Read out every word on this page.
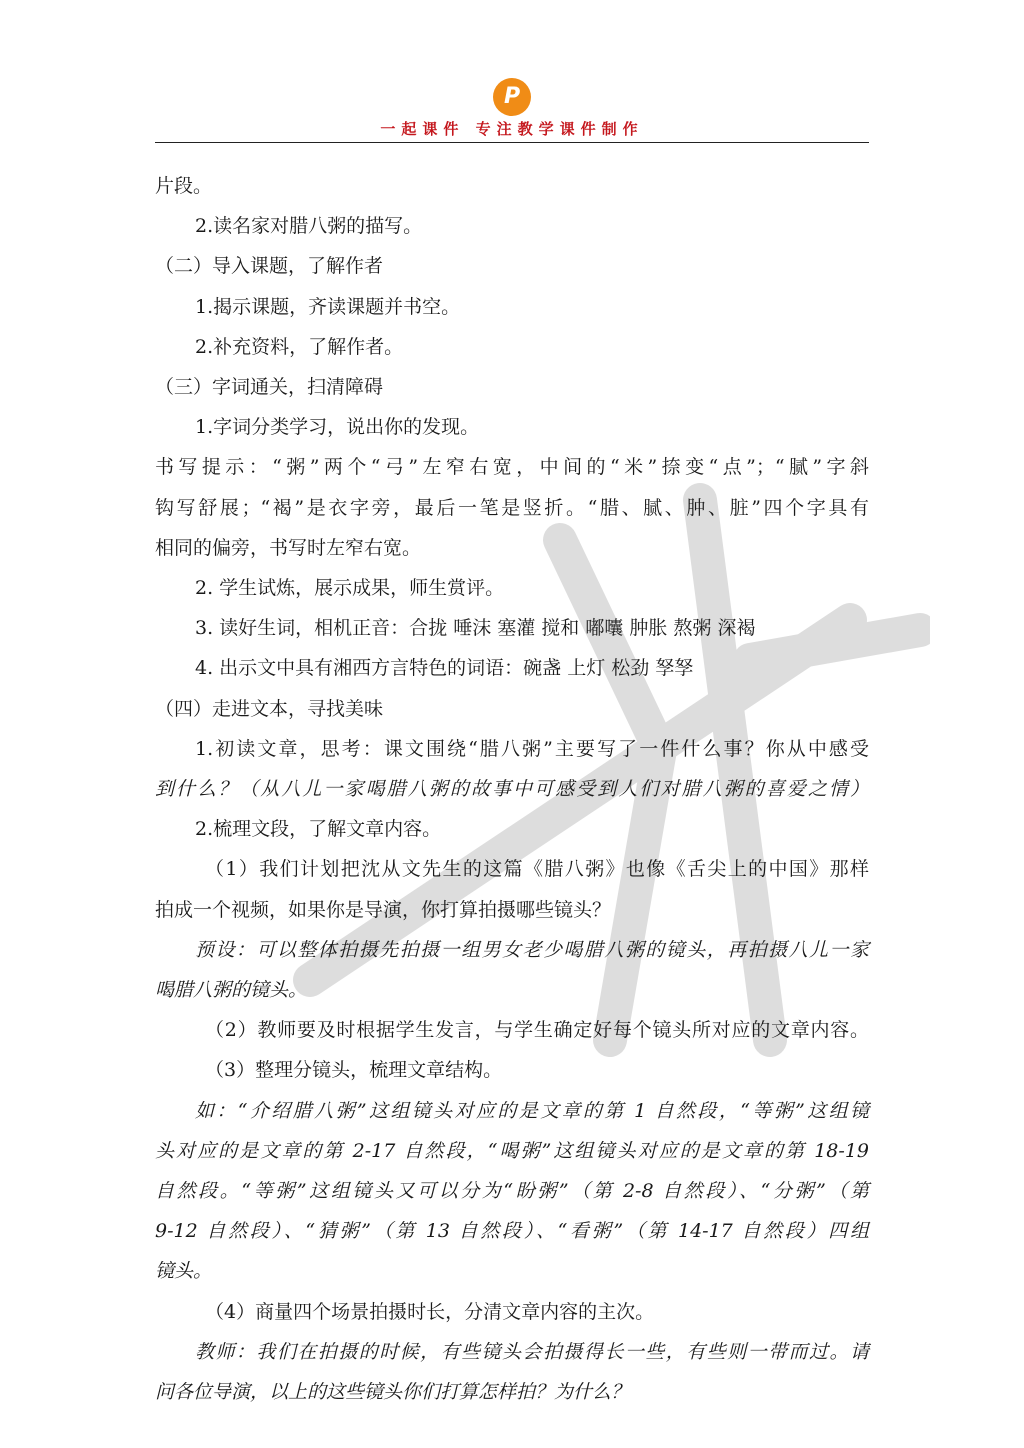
P
一起课件 专注教学课件制作
片段。
2.读名家对腊八粥的描写。
（二）导入课题，了解作者
1.揭示课题，齐读课题并书空。
2.补充资料，了解作者。
（三）字词通关，扫清障碍
1.字词分类学习，说出你的发现。
书写提示：“粥”两个“弓”左窄右宽，中间的“米”捺变“点”；“腻”字斜
钩写舒展；“褐”是衣字旁，最后一笔是竖折。“腊、腻、肿、脏”四个字具有
相同的偏旁，书写时左窄右宽。
2. 学生试炼，展示成果，师生赏评。
3. 读好生词，相机正音：合拢 唾沫 塞灌 搅和 嘟囔 肿胀 熬粥 深褐
4. 出示文中具有湘西方言特色的词语：碗盏 上灯 松劲 孥孥
（四）走进文本，寻找美味
1.初读文章，思考：课文围绕“腊八粥”主要写了一件什么事？你从中感受
到什么？（从八儿一家喝腊八粥的故事中可感受到人们对腊八粥的喜爱之情）
2.梳理文段，了解文章内容。
（1）我们计划把沈从文先生的这篇《腊八粥》也像《舌尖上的中国》那样
拍成一个视频，如果你是导演，你打算拍摄哪些镜头？
预设：可以整体拍摄先拍摄一组男女老少喝腊八粥的镜头，再拍摄八儿一家
喝腊八粥的镜头。
（2）教师要及时根据学生发言，与学生确定好每个镜头所对应的文章内容。
（3）整理分镜头，梳理文章结构。
如：“介绍腊八粥”这组镜头对应的是文章的第 1 自然段，“等粥”这组镜
头对应的是文章的第 2-17 自然段，“喝粥”这组镜头对应的是文章的第 18-19
自然段。“等粥”这组镜头又可以分为“盼粥”（第 2-8 自然段）、“分粥”（第
9-12 自然段）、“猜粥”（第 13 自然段）、“看粥”（第 14-17 自然段）四组
镜头。
（4）商量四个场景拍摄时长，分清文章内容的主次。
教师：我们在拍摄的时候，有些镜头会拍摄得长一些，有些则一带而过。请
问各位导演，以上的这些镜头你们打算怎样拍？为什么？
